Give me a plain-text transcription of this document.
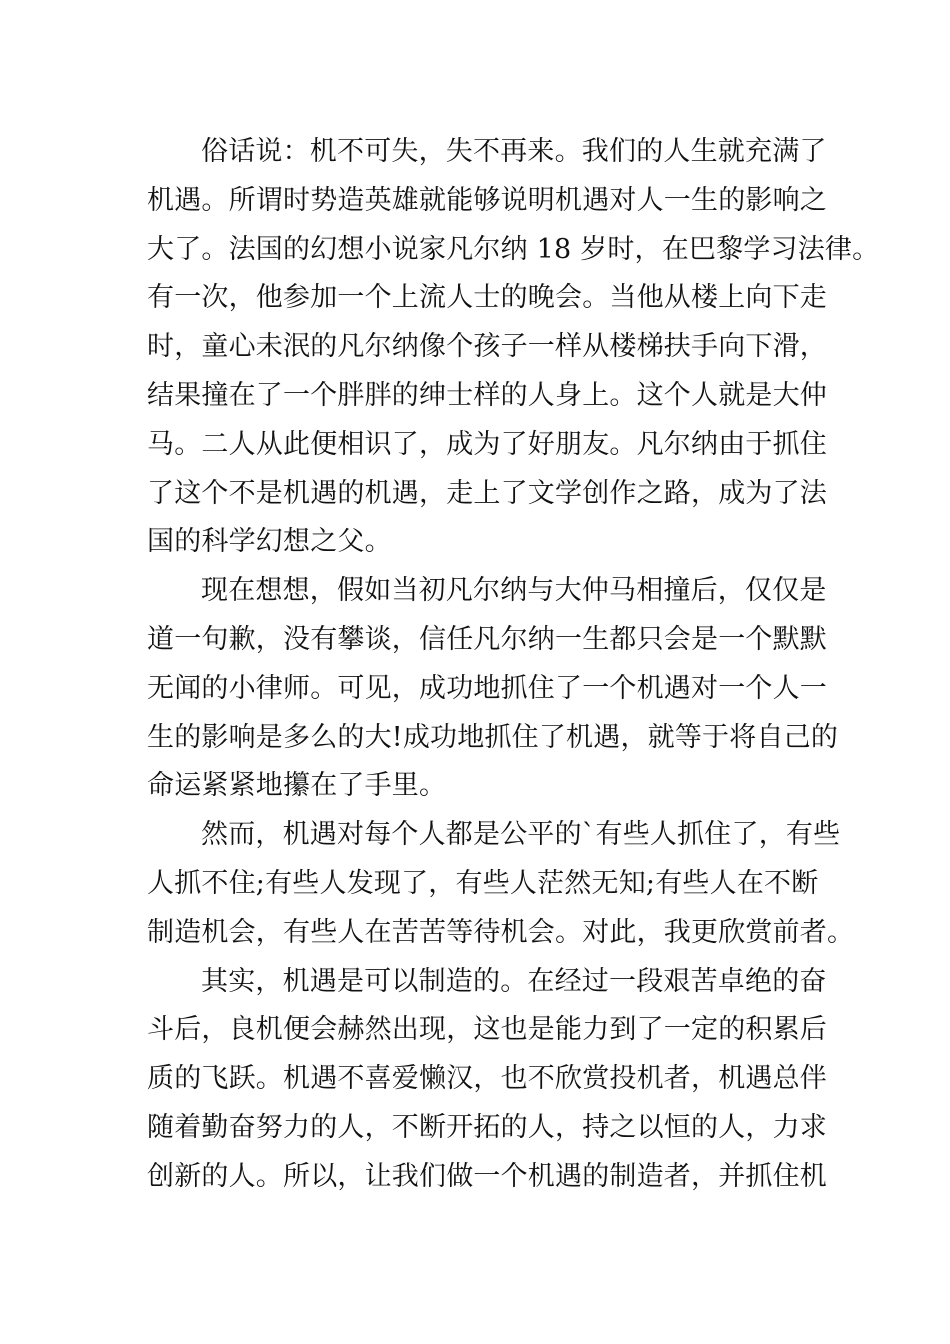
俗话说：机不可失，失不再来。我们的人生就充满了
机遇。所谓时势造英雄就能够说明机遇对人一生的影响之
大了。法国的幻想小说家凡尔纳 18 岁时，在巴黎学习法律。
有一次，他参加一个上流人士的晚会。当他从楼上向下走
时，童心未泯的凡尔纳像个孩子一样从楼梯扶手向下滑，
结果撞在了一个胖胖的绅士样的人身上。这个人就是大仲
马。二人从此便相识了，成为了好朋友。凡尔纳由于抓住
了这个不是机遇的机遇，走上了文学创作之路，成为了法
国的科学幻想之父。
现在想想，假如当初凡尔纳与大仲马相撞后，仅仅是
道一句歉，没有攀谈，信任凡尔纳一生都只会是一个默默
无闻的小律师。可见，成功地抓住了一个机遇对一个人一
生的影响是多么的大!成功地抓住了机遇，就等于将自己的
命运紧紧地攥在了手里。
然而，机遇对每个人都是公平的`有些人抓住了，有些
人抓不住;有些人发现了，有些人茫然无知;有些人在不断
制造机会，有些人在苦苦等待机会。对此，我更欣赏前者。
其实，机遇是可以制造的。在经过一段艰苦卓绝的奋
斗后，良机便会赫然出现，这也是能力到了一定的积累后
质的飞跃。机遇不喜爱懒汉，也不欣赏投机者，机遇总伴
随着勤奋努力的人，不断开拓的人，持之以恒的人，力求
创新的人。所以，让我们做一个机遇的制造者，并抓住机
